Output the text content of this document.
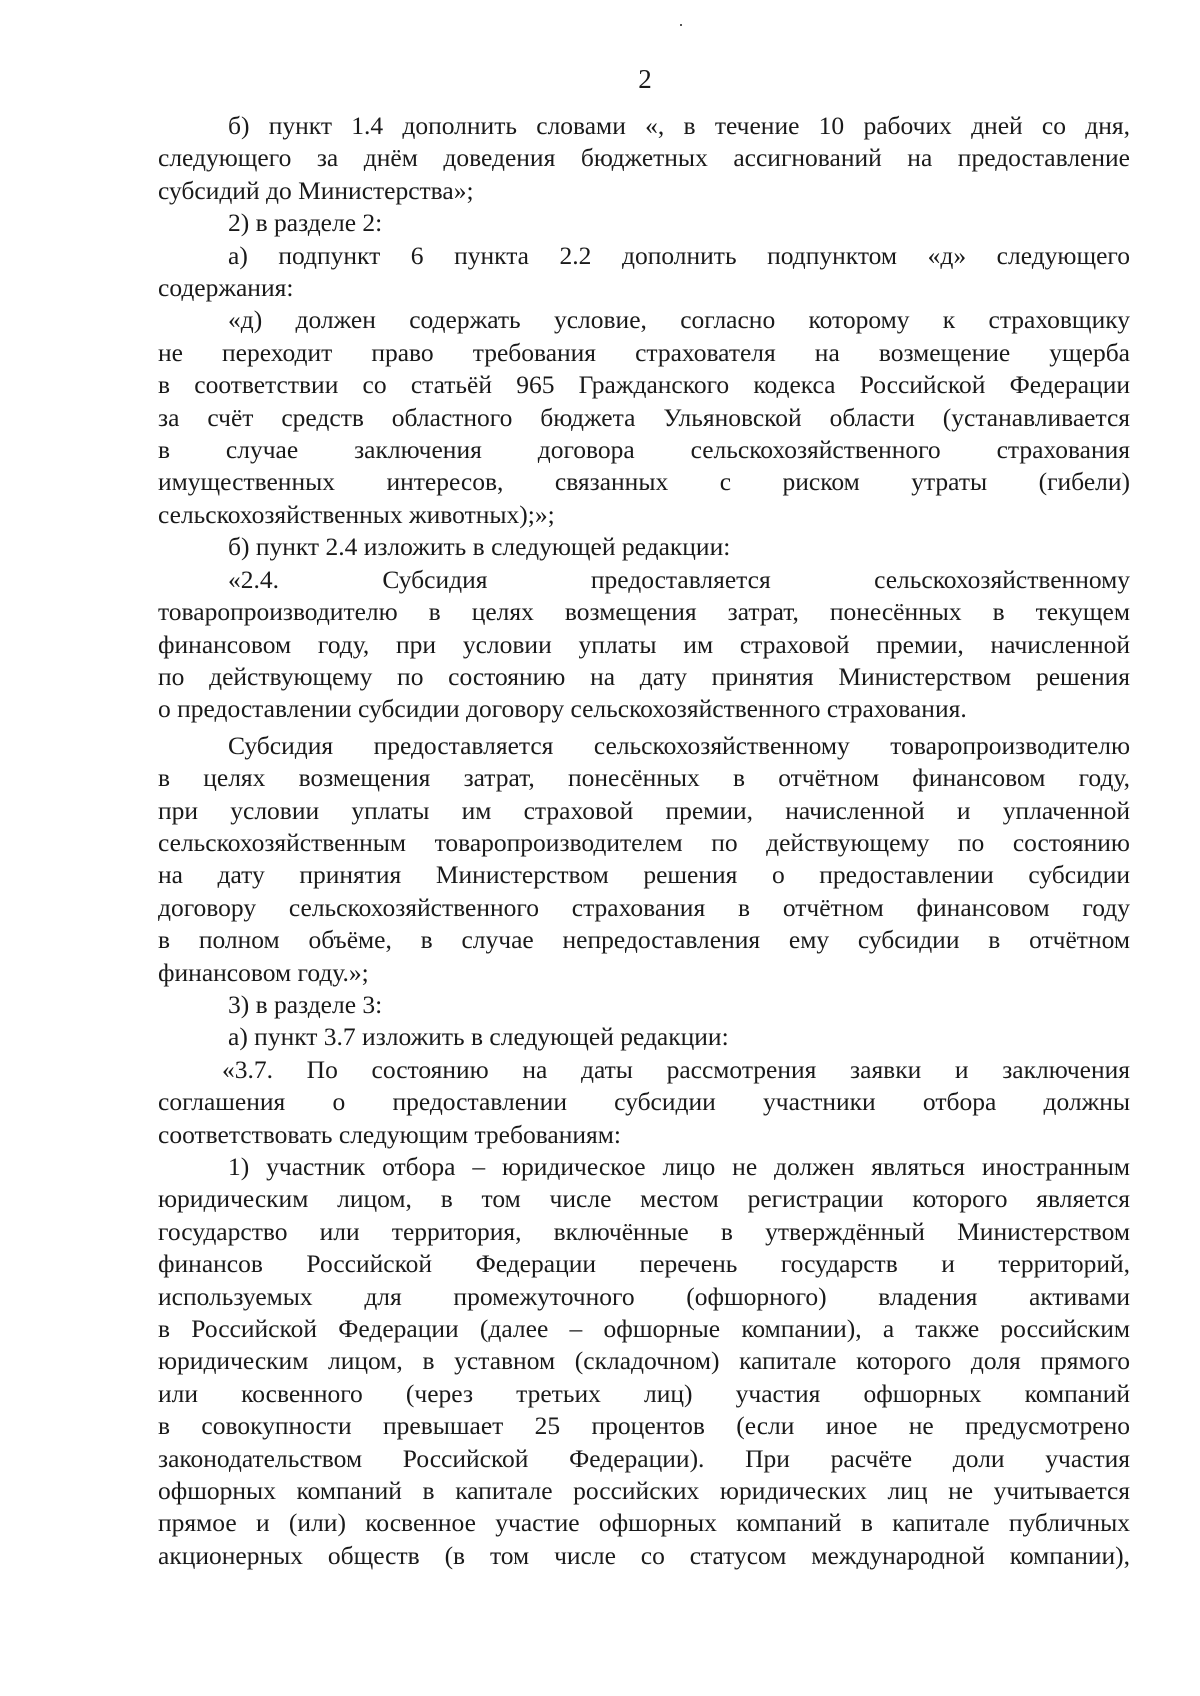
2
б) пункт 1.4 дополнить словами «, в течение 10 рабочих дней со дня,
следующего за днём доведения бюджетных ассигнований на предоставление
субсидий до Министерства»;
2) в разделе 2:
а) подпункт 6 пункта 2.2 дополнить подпунктом «д» следующего
содержания:
«д) должен содержать условие, согласно которому к страховщику
не переходит право требования страхователя на возмещение ущерба
в соответствии со статьёй 965 Гражданского кодекса Российской Федерации
за счёт средств областного бюджета Ульяновской области (устанавливается
в случае заключения договора сельскохозяйственного страхования
имущественных интересов, связанных с риском утраты (гибели)
сельскохозяйственных животных);»;
б) пункт 2.4 изложить в следующей редакции:
«2.4. Субсидия предоставляется сельскохозяйственному
товаропроизводителю в целях возмещения затрат, понесённых в текущем
финансовом году, при условии уплаты им страховой премии, начисленной
по действующему по состоянию на дату принятия Министерством решения
о предоставлении субсидии договору сельскохозяйственного страхования.
Субсидия предоставляется сельскохозяйственному товаропроизводителю
в целях возмещения затрат, понесённых в отчётном финансовом году,
при условии уплаты им страховой премии, начисленной и уплаченной
сельскохозяйственным товаропроизводителем по действующему по состоянию
на дату принятия Министерством решения о предоставлении субсидии
договору сельскохозяйственного страхования в отчётном финансовом году
в полном объёме, в случае непредоставления ему субсидии в отчётном
финансовом году.»;
3) в разделе 3:
а) пункт 3.7 изложить в следующей редакции:
«3.7. По состоянию на даты рассмотрения заявки и заключения
соглашения о предоставлении субсидии участники отбора должны
соответствовать следующим требованиям:
1) участник отбора – юридическое лицо не должен являться иностранным
юридическим лицом, в том числе местом регистрации которого является
государство или территория, включённые в утверждённый Министерством
финансов Российской Федерации перечень государств и территорий,
используемых для промежуточного (офшорного) владения активами
в Российской Федерации (далее – офшорные компании), а также российским
юридическим лицом, в уставном (складочном) капитале которого доля прямого
или косвенного (через третьих лиц) участия офшорных компаний
в совокупности превышает 25 процентов (если иное не предусмотрено
законодательством Российской Федерации). При расчёте доли участия
офшорных компаний в капитале российских юридических лиц не учитывается
прямое и (или) косвенное участие офшорных компаний в капитале публичных
акционерных обществ (в том числе со статусом международной компании),
